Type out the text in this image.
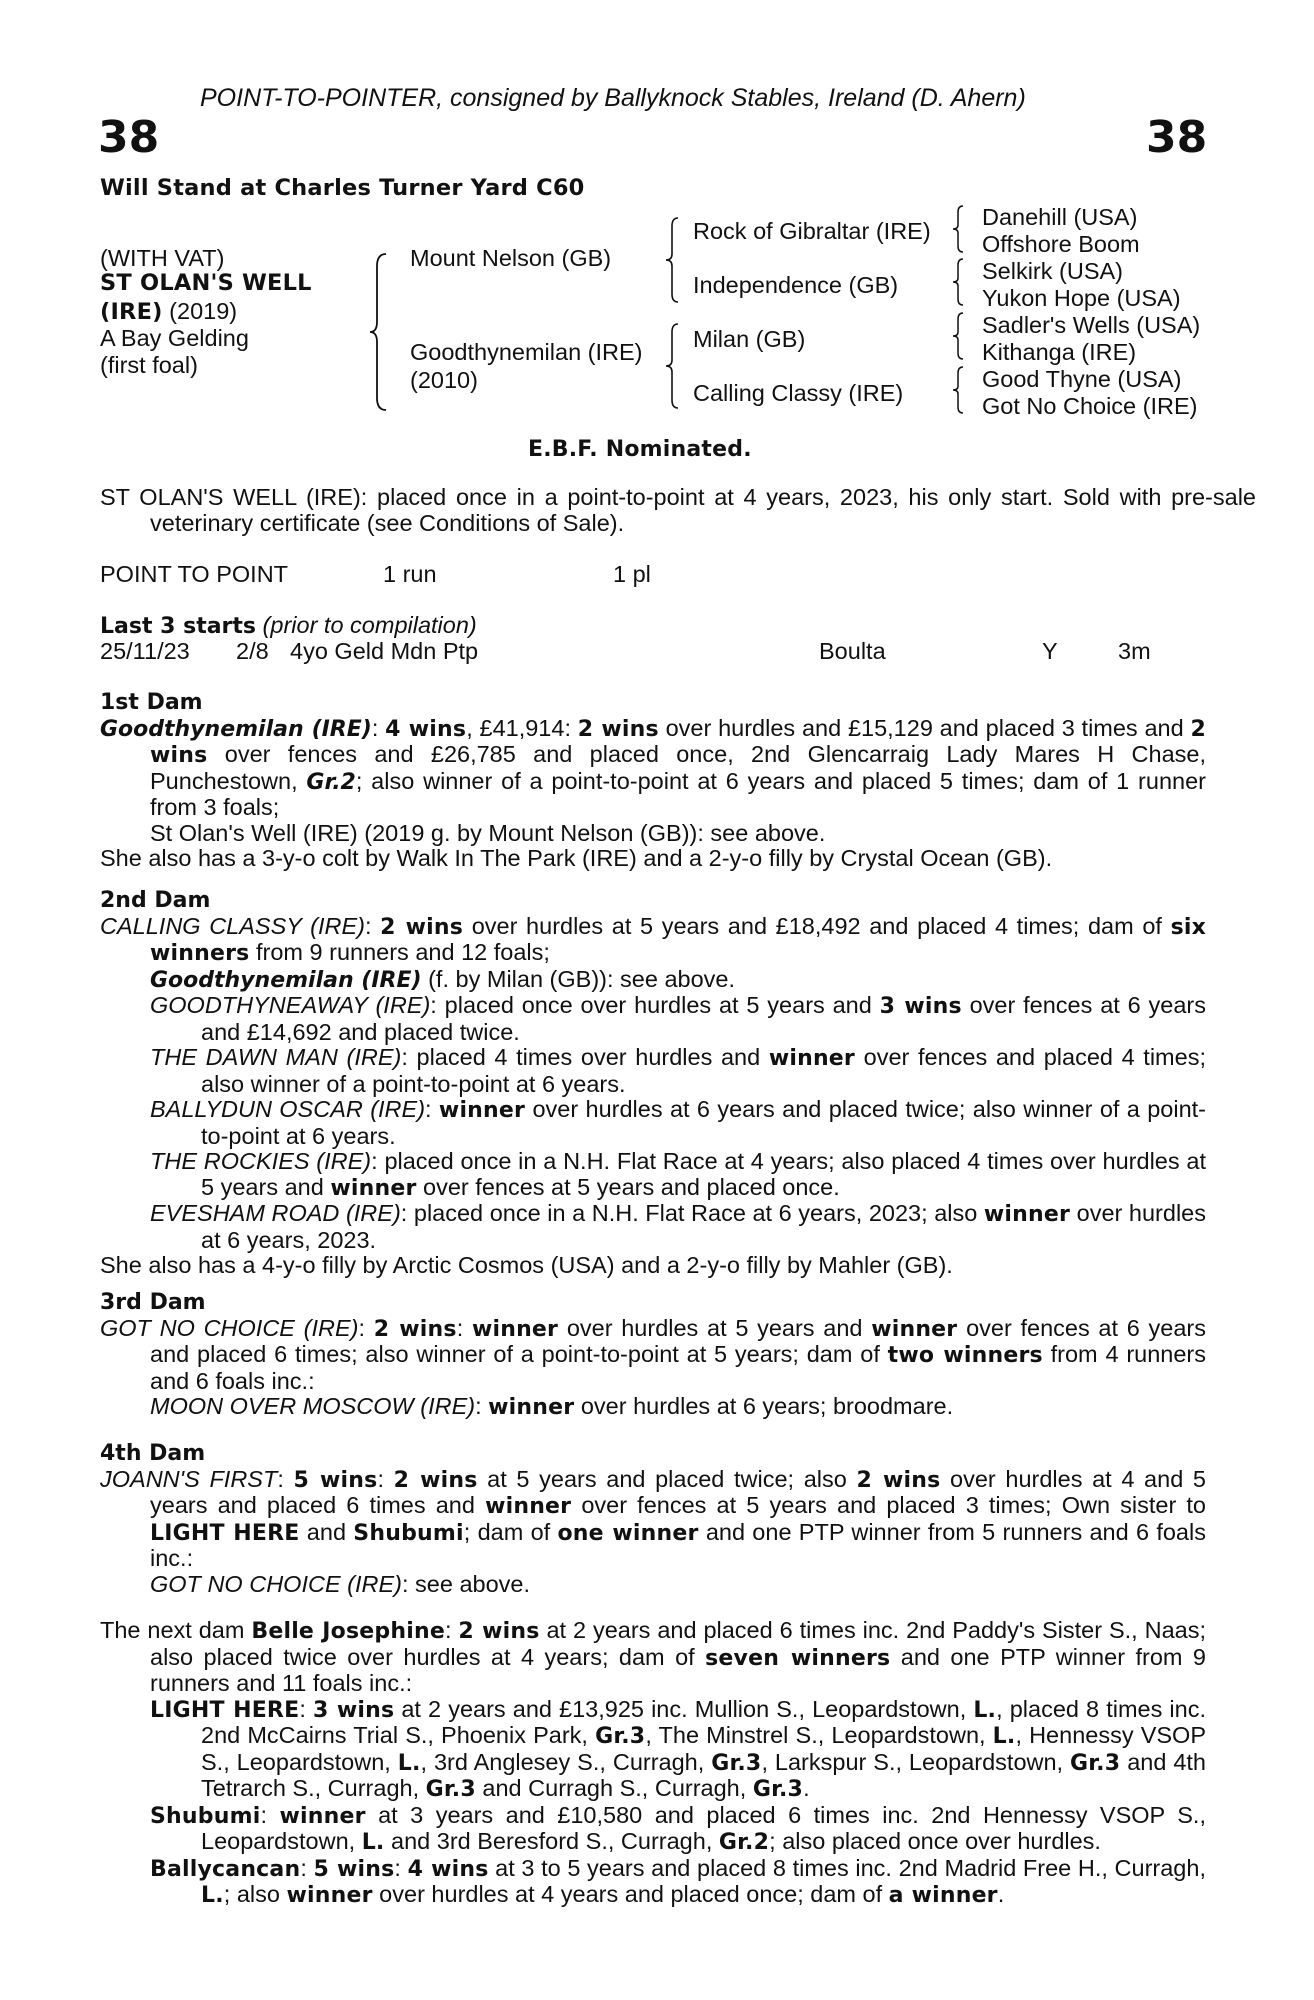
POINT-TO-POINTER, consigned by Ballyknock Stables, Ireland (D. Ahern)
38	38
Will Stand at Charles Turner Yard C60
(WITH VAT)
ST OLAN'S WELL
(IRE) (2019)
A Bay Gelding
(first foal)
Mount Nelson (GB)
Goodthynemilan (IRE)
(2010)
Rock of Gibraltar (IRE)
Independence (GB)
Milan (GB)
Calling Classy (IRE)
Danehill (USA)
Offshore Boom
Selkirk (USA)
Yukon Hope (USA)
Sadler's Wells (USA)
Kithanga (IRE)
Good Thyne (USA)
Got No Choice (IRE)
E.B.F. Nominated.
ST OLAN'S WELL (IRE): placed once in a point-to-point at 4 years, 2023, his only start. Sold with pre-sale veterinary certificate (see Conditions of Sale).
POINT TO POINT	1 run	1 pl
Last 3 starts (prior to compilation)
25/11/23 2/8 4yo Geld Mdn Ptp	Boulta	Y	3m
1st Dam
Goodthynemilan (IRE): 4 wins, £41,914: 2 wins over hurdles and £15,129 and placed 3 times and 2 wins over fences and £26,785 and placed once, 2nd Glencarraig Lady Mares H Chase, Punchestown, Gr.2; also winner of a point-to-point at 6 years and placed 5 times; dam of 1 runner from 3 foals;
St Olan's Well (IRE) (2019 g. by Mount Nelson (GB)): see above.
She also has a 3-y-o colt by Walk In The Park (IRE) and a 2-y-o filly by Crystal Ocean (GB).
2nd Dam
CALLING CLASSY (IRE): 2 wins over hurdles at 5 years and £18,492 and placed 4 times; dam of six winners from 9 runners and 12 foals;
Goodthynemilan (IRE) (f. by Milan (GB)): see above.
GOODTHYNEAWAY (IRE): placed once over hurdles at 5 years and 3 wins over fences at 6 years and £14,692 and placed twice.
THE DAWN MAN (IRE): placed 4 times over hurdles and winner over fences and placed 4 times; also winner of a point-to-point at 6 years.
BALLYDUN OSCAR (IRE): winner over hurdles at 6 years and placed twice; also winner of a point-to-point at 6 years.
THE ROCKIES (IRE): placed once in a N.H. Flat Race at 4 years; also placed 4 times over hurdles at 5 years and winner over fences at 5 years and placed once.
EVESHAM ROAD (IRE): placed once in a N.H. Flat Race at 6 years, 2023; also winner over hurdles at 6 years, 2023.
She also has a 4-y-o filly by Arctic Cosmos (USA) and a 2-y-o filly by Mahler (GB).
3rd Dam
GOT NO CHOICE (IRE): 2 wins: winner over hurdles at 5 years and winner over fences at 6 years and placed 6 times; also winner of a point-to-point at 5 years; dam of two winners from 4 runners and 6 foals inc.:
MOON OVER MOSCOW (IRE): winner over hurdles at 6 years; broodmare.
4th Dam
JOANN'S FIRST: 5 wins: 2 wins at 5 years and placed twice; also 2 wins over hurdles at 4 and 5 years and placed 6 times and winner over fences at 5 years and placed 3 times; Own sister to LIGHT HERE and Shubumi; dam of one winner and one PTP winner from 5 runners and 6 foals inc.:
GOT NO CHOICE (IRE): see above.
The next dam Belle Josephine: 2 wins at 2 years and placed 6 times inc. 2nd Paddy's Sister S., Naas; also placed twice over hurdles at 4 years; dam of seven winners and one PTP winner from 9 runners and 11 foals inc.:
LIGHT HERE: 3 wins at 2 years and £13,925 inc. Mullion S., Leopardstown, L., placed 8 times inc. 2nd McCairns Trial S., Phoenix Park, Gr.3, The Minstrel S., Leopardstown, L., Hennessy VSOP S., Leopardstown, L., 3rd Anglesey S., Curragh, Gr.3, Larkspur S., Leopardstown, Gr.3 and 4th Tetrarch S., Curragh, Gr.3 and Curragh S., Curragh, Gr.3.
Shubumi: winner at 3 years and £10,580 and placed 6 times inc. 2nd Hennessy VSOP S., Leopardstown, L. and 3rd Beresford S., Curragh, Gr.2; also placed once over hurdles.
Ballycancan: 5 wins: 4 wins at 3 to 5 years and placed 8 times inc. 2nd Madrid Free H., Curragh, L.; also winner over hurdles at 4 years and placed once; dam of a winner.
